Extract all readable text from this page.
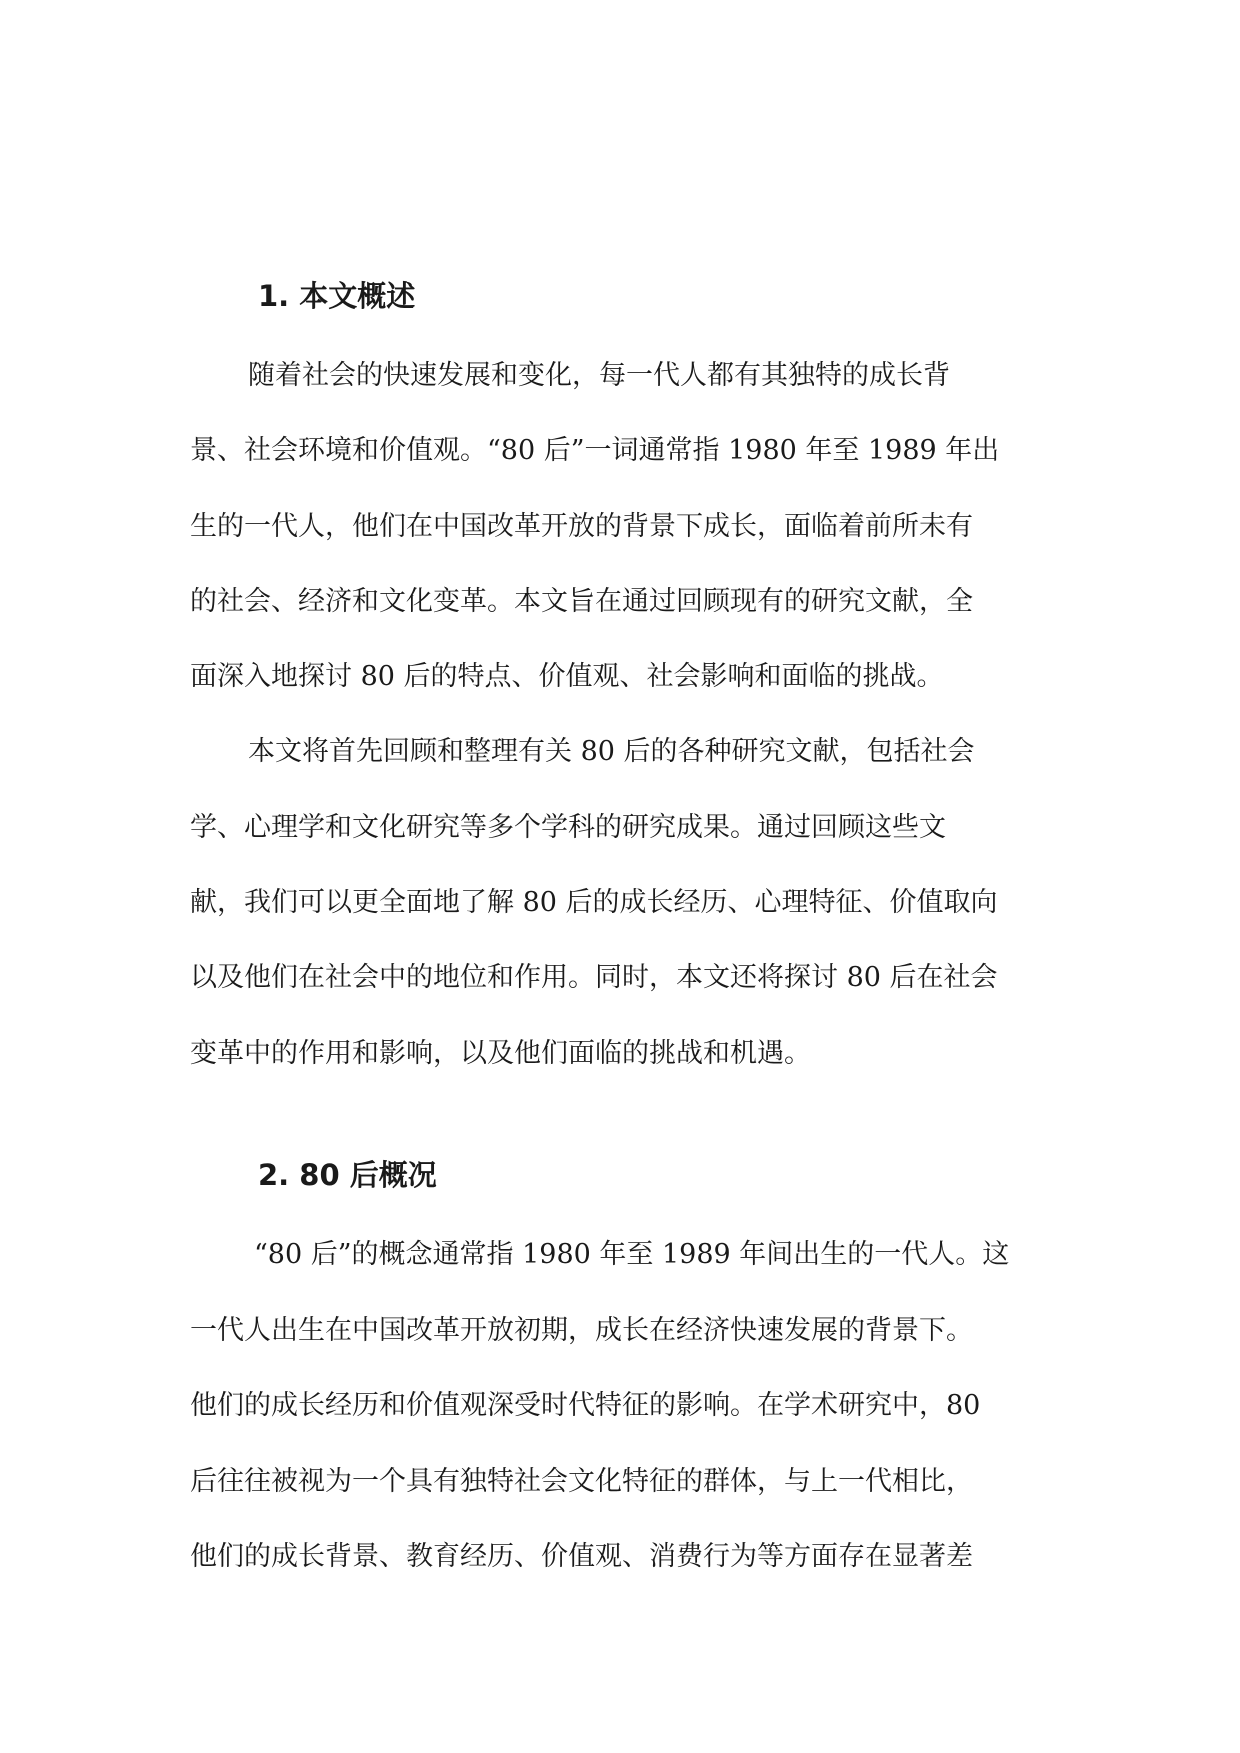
1. 本文概述

随着社会的快速发展和变化，每一代人都有其独特的成长背

景、社会环境和价值观。“80 后”一词通常指 1980 年至 1989 年出

生的一代人，他们在中国改革开放的背景下成长，面临着前所未有

的社会、经济和文化变革。本文旨在通过回顾现有的研究文献，全

面深入地探讨 80 后的特点、价值观、社会影响和面临的挑战。

本文将首先回顾和整理有关 80 后的各种研究文献，包括社会

学、心理学和文化研究等多个学科的研究成果。通过回顾这些文

献，我们可以更全面地了解 80 后的成长经历、心理特征、价值取向

以及他们在社会中的地位和作用。同时，本文还将探讨 80 后在社会

变革中的作用和影响，以及他们面临的挑战和机遇。

2. 80 后概况

“80 后”的概念通常指 1980 年至 1989 年间出生的一代人。这

一代人出生在中国改革开放初期，成长在经济快速发展的背景下。

他们的成长经历和价值观深受时代特征的影响。在学术研究中，80

后往往被视为一个具有独特社会文化特征的群体，与上一代相比，

他们的成长背景、教育经历、价值观、消费行为等方面存在显著差
